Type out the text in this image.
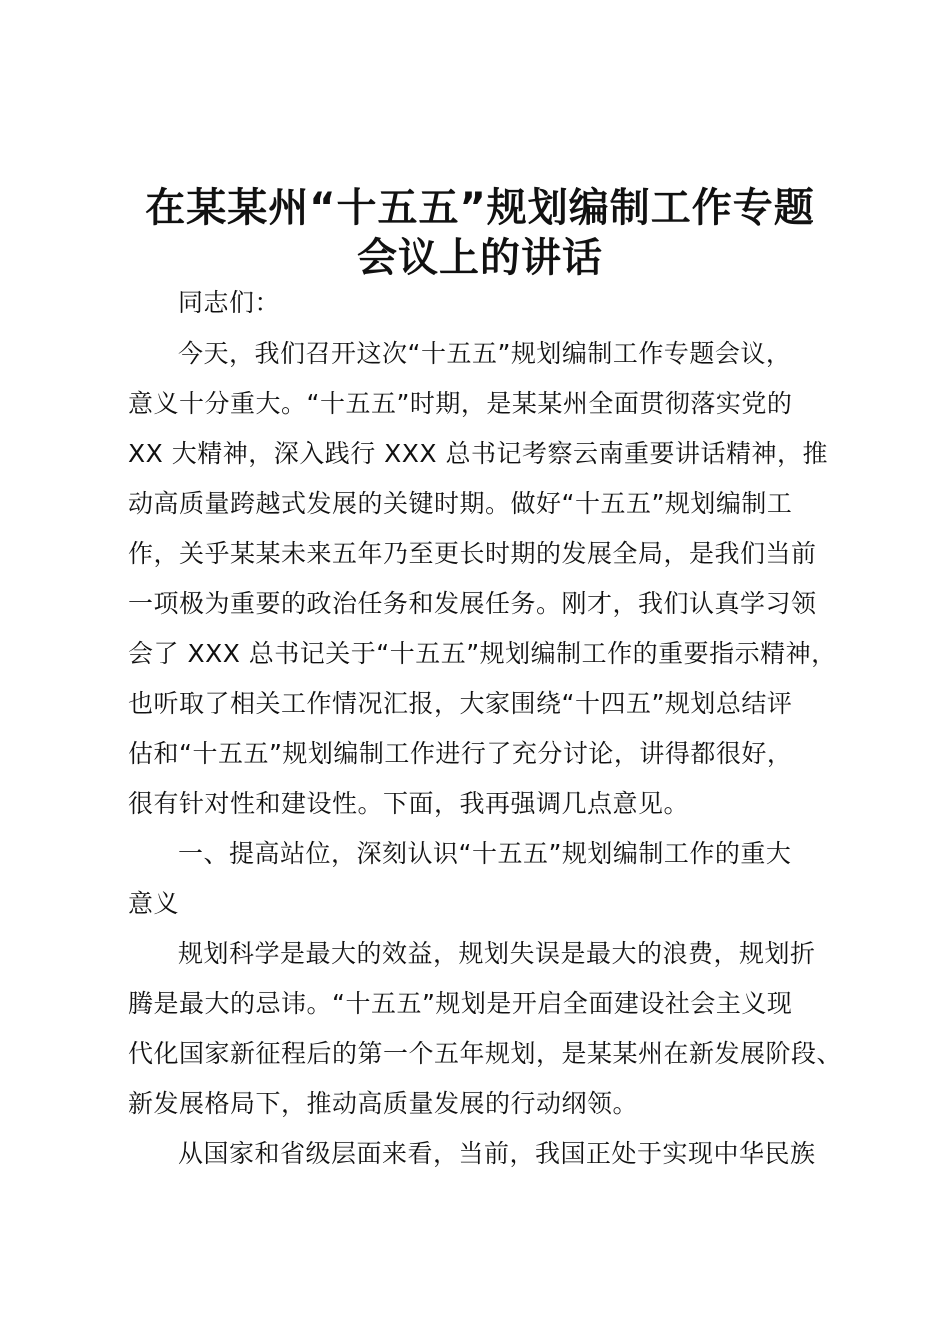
在某某州“十五五”规划编制工作专题
会议上的讲话
同志们：
今天，我们召开这次“十五五”规划编制工作专题会议，
意义十分重大。“十五五”时期，是某某州全面贯彻落实党的
XX 大精神，深入践行 XXX 总书记考察云南重要讲话精神，推
动高质量跨越式发展的关键时期。做好“十五五”规划编制工
作，关乎某某未来五年乃至更长时期的发展全局，是我们当前
一项极为重要的政治任务和发展任务。刚才，我们认真学习领
会了 XXX 总书记关于“十五五”规划编制工作的重要指示精神，
也听取了相关工作情况汇报，大家围绕“十四五”规划总结评
估和“十五五”规划编制工作进行了充分讨论，讲得都很好，
很有针对性和建设性。下面，我再强调几点意见。
一、提高站位，深刻认识“十五五”规划编制工作的重大
意义
规划科学是最大的效益，规划失误是最大的浪费，规划折
腾是最大的忌讳。“十五五”规划是开启全面建设社会主义现
代化国家新征程后的第一个五年规划，是某某州在新发展阶段、
新发展格局下，推动高质量发展的行动纲领。
从国家和省级层面来看，当前，我国正处于实现中华民族
